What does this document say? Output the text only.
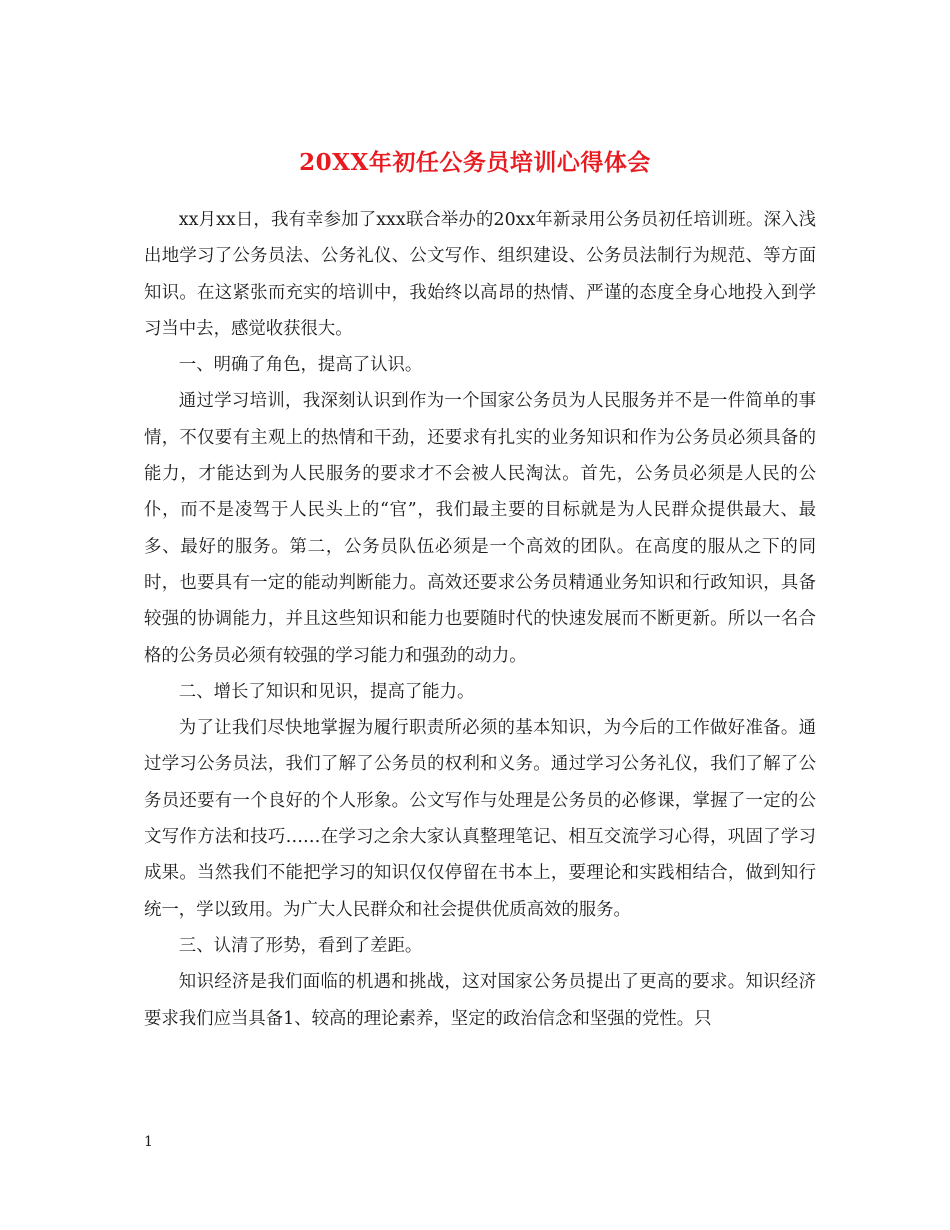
20XX年初任公务员培训心得体会

xx月xx日，我有幸参加了xxx联合举办的20xx年新录用公务员初任培训班。深入浅出地学习了公务员法、公务礼仪、公文写作、组织建设、公务员法制行为规范、等方面知识。在这紧张而充实的培训中，我始终以高昂的热情、严谨的态度全身心地投入到学习当中去，感觉收获很大。

一、明确了角色，提高了认识。

通过学习培训，我深刻认识到作为一个国家公务员为人民服务并不是一件简单的事情，不仅要有主观上的热情和干劲，还要求有扎实的业务知识和作为公务员必须具备的能力，才能达到为人民服务的要求才不会被人民淘汰。首先，公务员必须是人民的公仆，而不是凌驾于人民头上的“官”，我们最主要的目标就是为人民群众提供最大、最多、最好的服务。第二，公务员队伍必须是一个高效的团队。在高度的服从之下的同时，也要具有一定的能动判断能力。高效还要求公务员精通业务知识和行政知识，具备较强的协调能力，并且这些知识和能力也要随时代的快速发展而不断更新。所以一名合格的公务员必须有较强的学习能力和强劲的动力。

二、增长了知识和见识，提高了能力。

为了让我们尽快地掌握为履行职责所必须的基本知识，为今后的工作做好准备。通过学习公务员法，我们了解了公务员的权利和义务。通过学习公务礼仪，我们了解了公务员还要有一个良好的个人形象。公文写作与处理是公务员的必修课，掌握了一定的公文写作方法和技巧……在学习之余大家认真整理笔记、相互交流学习心得，巩固了学习成果。当然我们不能把学习的知识仅仅停留在书本上，要理论和实践相结合，做到知行统一，学以致用。为广大人民群众和社会提供优质高效的服务。

三、认清了形势，看到了差距。

知识经济是我们面临的机遇和挑战，这对国家公务员提出了更高的要求。知识经济要求我们应当具备1、较高的理论素养，坚定的政治信念和坚强的党性。只

1
